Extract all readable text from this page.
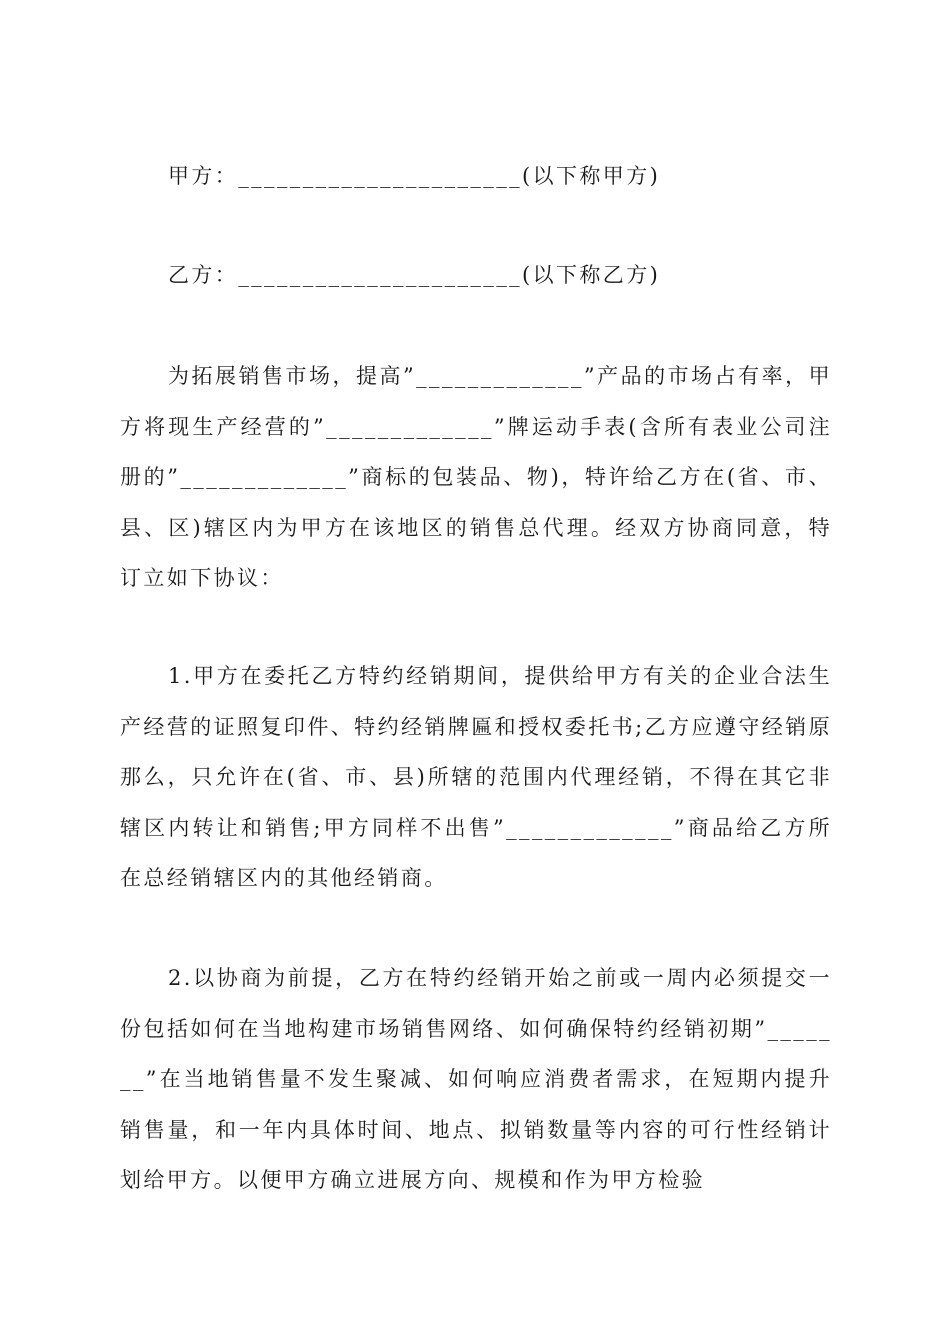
甲方：______________________(以下称甲方)
乙方：______________________(以下称乙方)
为拓展销售市场，提高”_____________”产品的市场占有率，甲方将现生产经营的”_____________”牌运动手表(含所有表业公司注册的”_____________”商标的包装品、物)，特许给乙方在(省、市、县、区)辖区内为甲方在该地区的销售总代理。经双方协商同意，特订立如下协议：
1.甲方在委托乙方特约经销期间，提供给甲方有关的企业合法生产经营的证照复印件、特约经销牌匾和授权委托书;乙方应遵守经销原那么，只允许在(省、市、县)所辖的范围内代理经销，不得在其它非辖区内转让和销售;甲方同样不出售”_____________”商品给乙方所在总经销辖区内的其他经销商。
2.以协商为前提，乙方在特约经销开始之前或一周内必须提交一份包括如何在当地构建市场销售网络、如何确保特约经销初期”_______”在当地销售量不发生聚减、如何响应消费者需求，在短期内提升销售量，和一年内具体时间、地点、拟销数量等内容的可行性经销计划给甲方。以便甲方确立进展方向、规模和作为甲方检验
